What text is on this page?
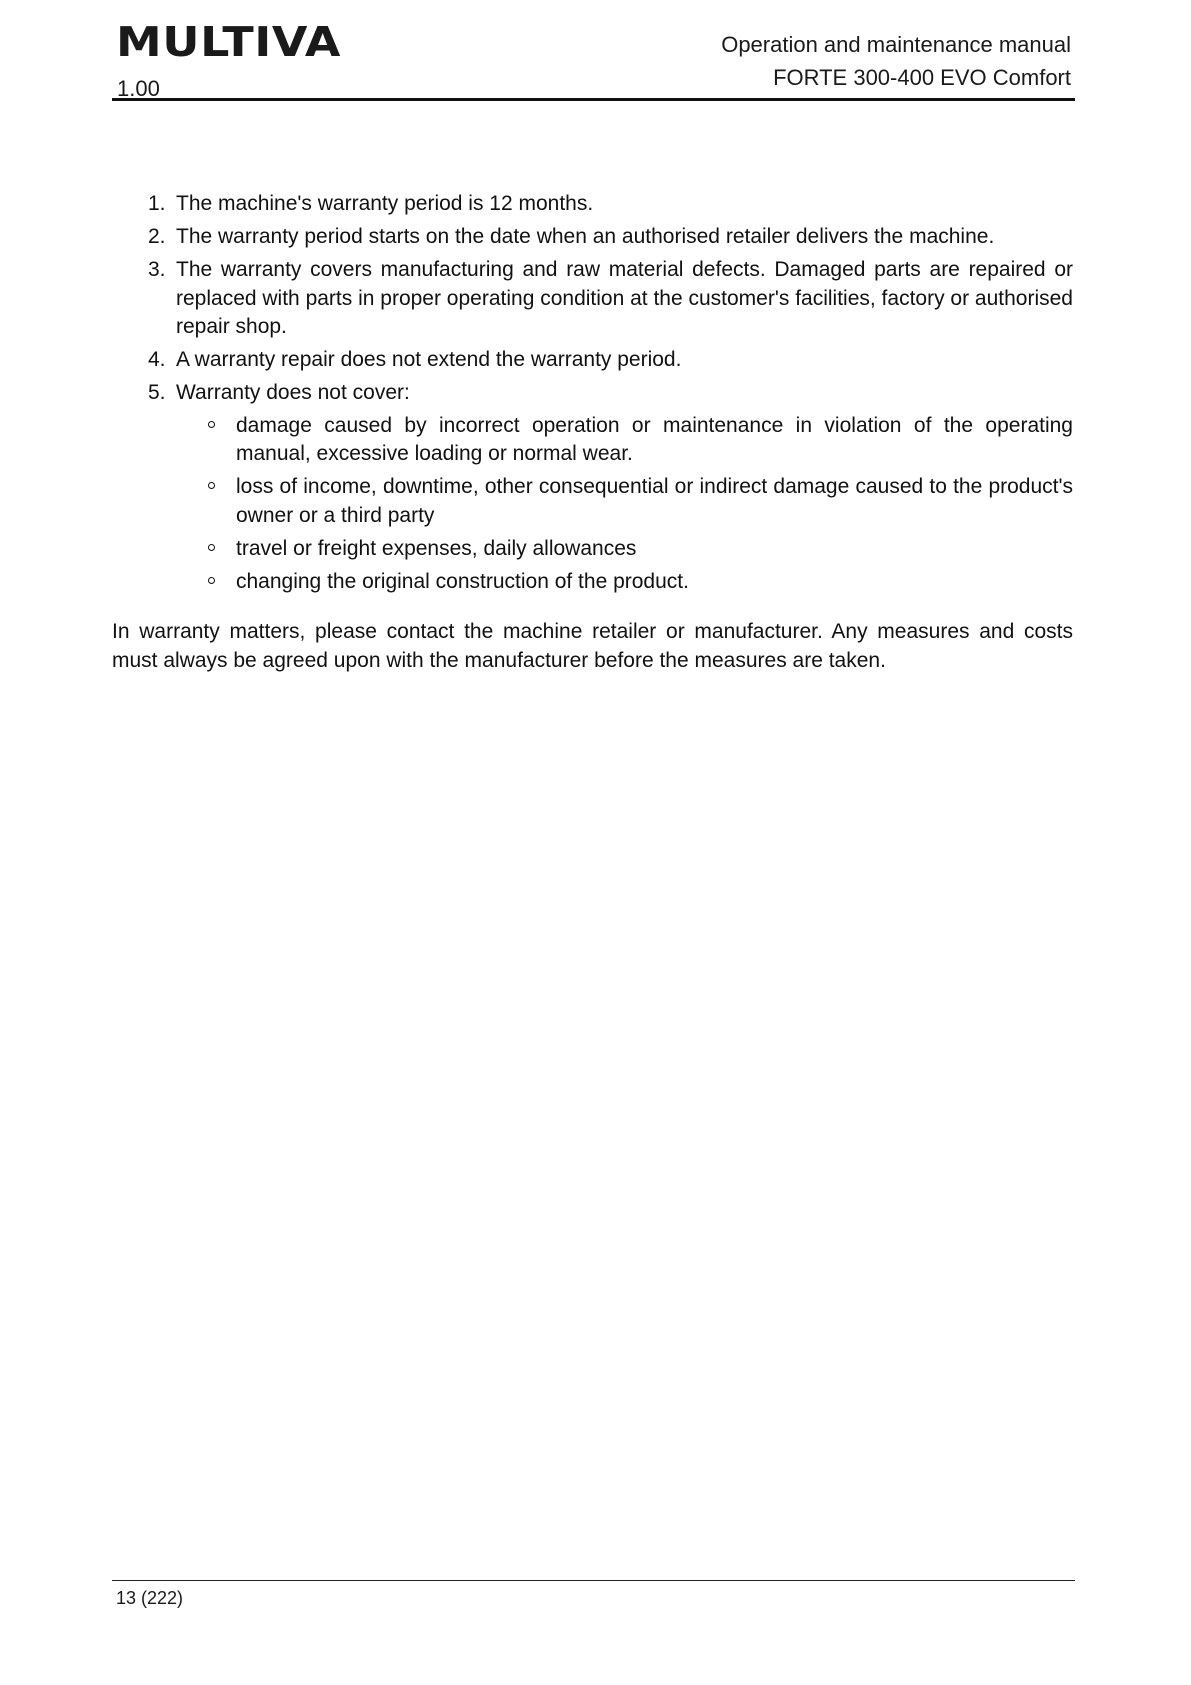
MULTIVA
1.00
Operation and maintenance manual
FORTE 300-400 EVO Comfort
1. The machine's warranty period is 12 months.
2. The warranty period starts on the date when an authorised retailer delivers the machine.
3. The warranty covers manufacturing and raw material defects. Damaged parts are repaired or replaced with parts in proper operating condition at the customer's facilities, factory or authorised repair shop.
4. A warranty repair does not extend the warranty period.
5. Warranty does not cover:
damage caused by incorrect operation or maintenance in violation of the operating manual, excessive loading or normal wear.
loss of income, downtime, other consequential or indirect damage caused to the product's owner or a third party
travel or freight expenses, daily allowances
changing the original construction of the product.

In warranty matters, please contact the machine retailer or manufacturer. Any measures and costs must always be agreed upon with the manufacturer before the measures are taken.

13 (222)
